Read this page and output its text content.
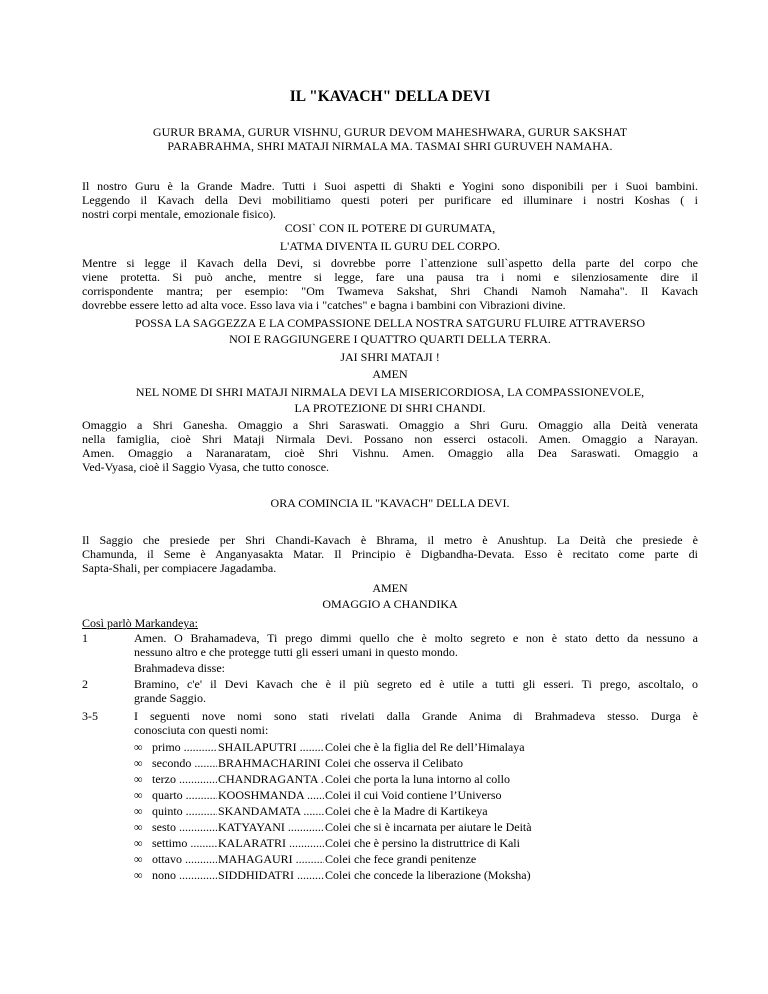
IL "KAVACH" DELLA DEVI
GURUR BRAMA, GURUR VISHNU, GURUR DEVOM MAHESHWARA, GURUR SAKSHAT
PARABRAHMA, SHRI MATAJI NIRMALA MA. TASMAI SHRI GURUVEH NAMAHA.
Il nostro Guru è la Grande Madre. Tutti i Suoi aspetti di Shakti e Yogini sono disponibili per i Suoi bambini.
Leggendo il Kavach della Devi mobilitiamo questi poteri per purificare ed illuminare i nostri Koshas ( i
nostri corpi mentale, emozionale fisico).
COSI` CON IL POTERE DI GURUMATA,
L'ATMA DIVENTA IL GURU DEL CORPO.
Mentre si legge il Kavach della Devi, si dovrebbe porre l`attenzione sull`aspetto della parte del corpo che
viene protetta. Si può anche, mentre si legge, fare una pausa tra i nomi e silenziosamente dire il
corrispondente mantra; per esempio: "Om Twameva Sakshat, Shri Chandi Namoh Namaha". Il Kavach
dovrebbe essere letto ad alta voce. Esso lava via i "catches" e bagna i bambini con Vibrazioni divine.
POSSA LA SAGGEZZA E LA COMPASSIONE DELLA NOSTRA SATGURU FLUIRE ATTRAVERSO
NOI E RAGGIUNGERE I QUATTRO QUARTI DELLA TERRA.
JAI SHRI MATAJI !
AMEN
NEL NOME DI SHRI MATAJI NIRMALA DEVI LA MISERICORDIOSA, LA COMPASSIONEVOLE,
LA PROTEZIONE DI SHRI CHANDI.
Omaggio a Shri Ganesha. Omaggio a Shri Saraswati. Omaggio a Shri Guru. Omaggio alla Deità venerata
nella famiglia, cioè Shri Mataji Nirmala Devi. Possano non esserci ostacoli. Amen. Omaggio a Narayan.
Amen. Omaggio a Naranaratam, cioè Shri Vishnu. Amen. Omaggio alla Dea Saraswati. Omaggio a
Ved-Vyasa, cioè il Saggio Vyasa, che tutto conosce.
ORA COMINCIA IL "KAVACH" DELLA DEVI.
Il Saggio che presiede per Shri Chandi-Kavach è Bhrama, il metro è Anushtup. La Deità che presiede è
Chamunda, il Seme è Anganyasakta Matar. Il Principio è Digbandha-Devata. Esso è recitato come parte di
Sapta-Shali, per compiacere Jagadamba.
AMEN
OMAGGIO A CHANDIKA
Così parlò Markandeya:
1	Amen. O Brahamadeva, Ti prego dimmi quello che è molto segreto e non è stato detto da nessuno a
nessuno altro e che protegge tutti gli esseri umani in questo mondo.
Brahmadeva disse:
2	Bramino, c'e' il Devi Kavach che è il più segreto ed è utile a tutti gli esseri. Ti prego, ascoltalo, o
grande Saggio.
3-5	I seguenti nove nomi sono stati rivelati dalla Grande Anima di Brahmadeva stesso. Durga è
conosciuta con questi nomi:
∞ primo .....	SHAILAPUTRI .....	Colei che è la figlia del Re dell’Himalaya
∞ secondo .....	BRAHMACHARINI ..... Colei che osserva il Celibato
∞ terzo .....	CHANDRAGANTA ..... Colei che porta la luna intorno al collo
∞ quarto .....	KOOSHMANDA .....	Colei il cui Void contiene l’Universo
∞ quinto .....	SKANDAMATA .....	Colei che è la Madre di Kartikeya
∞ sesto .....	KATYAYANI .....	Colei che si è incarnata per aiutare le Deità
∞ settimo .....	KALARATRI .....	Colei che è persino la distruttrice di Kali
∞ ottavo .....	MAHAGAURI .....	Colei che fece grandi penitenze
∞ nono .....	SIDDHIDATRI .....	Colei che concede la liberazione (Moksha)
